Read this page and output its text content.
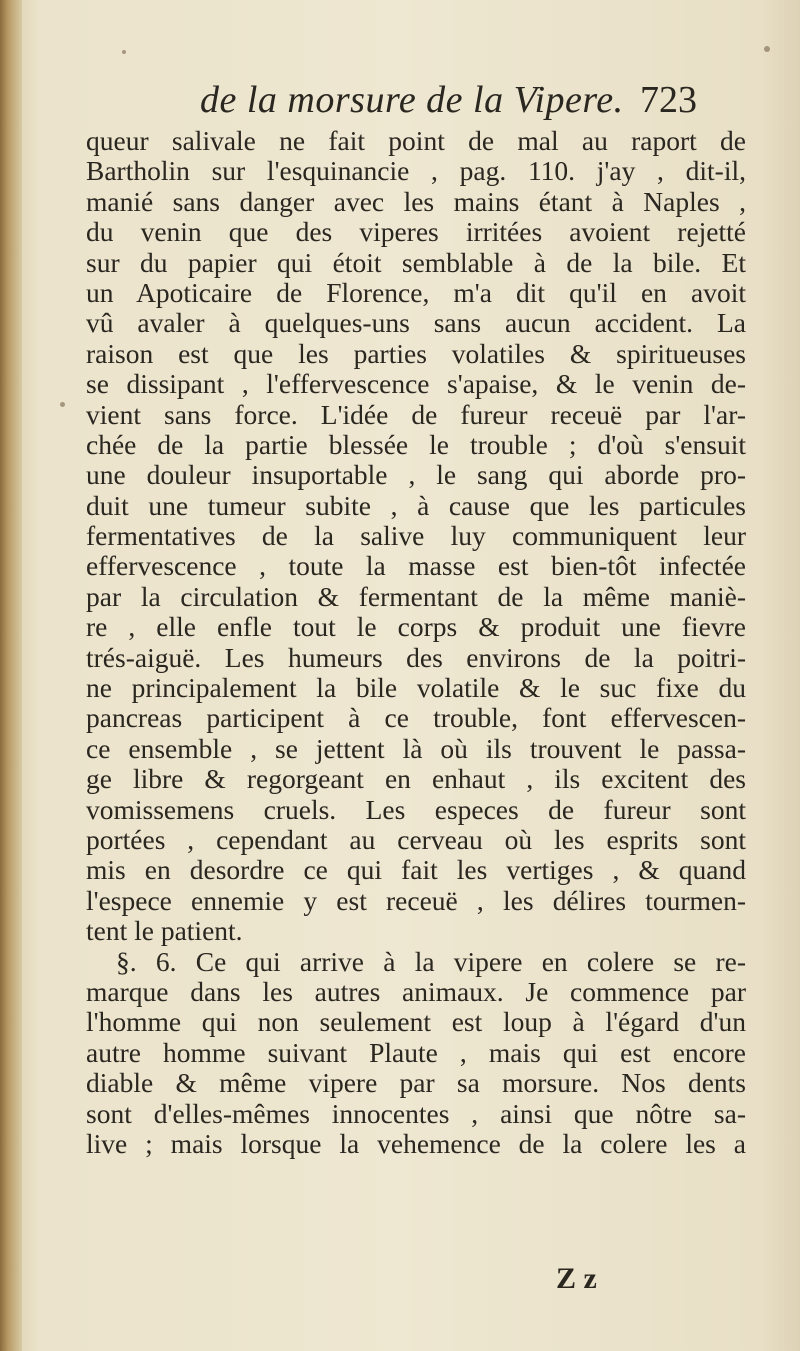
de la morsure de la Vipere. 723
queur salivale ne fait point de mal au raport de
Bartholin sur l'esquinancie , pag. 110. j'ay , dit-il,
manié sans danger avec les mains étant à Naples ,
du venin que des viperes irritées avoient rejetté
sur du papier qui étoit semblable à de la bile. Et
un Apoticaire de Florence, m'a dit qu'il en avoit
vû avaler à quelques-uns sans aucun accident. La
raison est que les parties volatiles & spiritueuses
se dissipant , l'effervescence s'apaise, & le venin de-
vient sans force. L'idée de fureur receuë par l'ar-
chée de la partie blessée le trouble ; d'où s'ensuit
une douleur insuportable , le sang qui aborde pro-
duit une tumeur subite , à cause que les particules
fermentatives de la salive luy communiquent leur
effervescence , toute la masse est bien-tôt infectée
par la circulation & fermentant de la même maniè-
re , elle enfle tout le corps & produit une fievre
trés-aiguë. Les humeurs des environs de la poitri-
ne principalement la bile volatile & le suc fixe du
pancreas participent à ce trouble, font effervescen-
ce ensemble , se jettent là où ils trouvent le passa-
ge libre & regorgeant en enhaut , ils excitent des
vomissemens cruels. Les especes de fureur sont
portées , cependant au cerveau où les esprits sont
mis en desordre ce qui fait les vertiges , & quand
l'espece ennemie y est receuë , les délires tourmen-
tent le patient.
§. 6. Ce qui arrive à la vipere en colere se re-
marque dans les autres animaux. Je commence par
l'homme qui non seulement est loup à l'égard d'un
autre homme suivant Plaute , mais qui est encore
diable & même vipere par sa morsure. Nos dents
sont d'elles-mêmes innocentes , ainsi que nôtre sa-
live ; mais lorsque la vehemence de la colere les a
Z z
